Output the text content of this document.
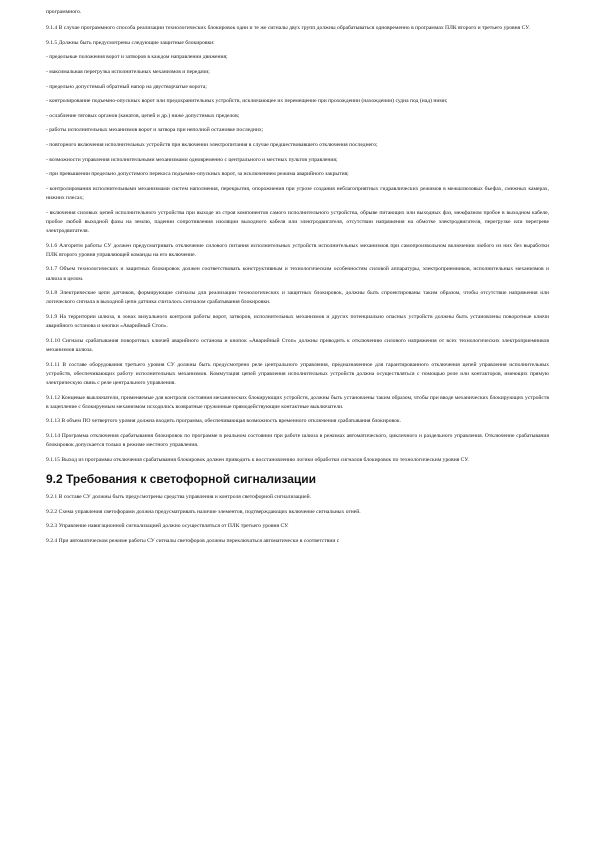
программного.

9.1.4 В случае программного способа реализации технологических блокировок одни и те же сигналы двух групп должны обрабатываться одновременно в программах ПЛК второго и третьего уровня СУ.

9.1.5 Должны быть предусмотрены следующие защитные блокировки:

- предельные положения ворот и затворов в каждом направлении движения;

- максимальная перегрузка исполнительных механизмов и передачи;

- предельно допустимый обратный напор на двустворчатые ворота;

- контролирование подъемно-опускных ворот или предохранительных устройств, исключающее их перемещение при прохождении (нахождении) судна под (над) ними;

- ослабление тяговых органов (канатов, цепей и др.) ниже допустимых пределов;

- работы исполнительных механизмов ворот и затвора при неполной остановке последних;

- повторного включения исполнительных устройств при включении электропитания в случае предшествовавшего отключения последнего;

- возможности управления исполнительными механизмами одновременно с центрального и местных пультов управления;

- при превышении предельно допустимого перекоса подъемно-опускных ворот, за исключением режима аварийного закрытия;

- контролирования исполнительными механизмами систем наполнения, перекрытия, опорожнения при угрозе создания неблагоприятных гидравлических режимов в межшлюзовых бьефах, смежных камерах, нижних плесах;

- включения силовых цепей исполнительного устройства при выходе из строя компонентов самого исполнительного устройства, обрыве питающих или выходных фаз, межфазном пробое в выходном кабеле, пробое любой выходной фазы на землю, падении сопротивления изоляции выходного кабеля или электродвигателя, отсутствии напряжения на обмотке электродвигателя, перегрузке или перегреве электродвигателя.

9.1.6 Алгоритм работы СУ должен предусматривать отключение силового питания исполнительных устройств исполнительных механизмов при самопроизвольном включении любого из них без выработки ПЛК второго уровня управляющей команды на его включение.

9.1.7 Объем технологических и защитных блокировок должен соответствовать конструктивным и технологическим особенностям силовой аппаратуры, электроприемников, исполнительных механизмов и шлюза в целом.

9.1.8 Электрические цепи датчиков, формирующие сигналы для реализации технологических и защитных блокировок, должны быть спроектированы таким образом, чтобы отсутствие напряжения или логического сигнала в выходной цепи датчика считалось сигналом срабатывания блокировки.

9.1.9 На территории шлюза, в зонах визуального контроля работы ворот, затворов, исполнительных механизмов и других потенциально опасных устройств должны быть установлены поворотные ключи аварийного останова и кнопки «Аварийный Стоп».

9.1.10 Сигналы срабатывания поворотных ключей аварийного останова и кнопок «Аварийный Стоп» должны приводить к отключению силового напряжения от всех технологических электроприемников механизмов шлюза.

9.1.11 В составе оборудования третьего уровня СУ должны быть предусмотрено реле центрального управления, предназначенное для гарантированного отключения цепей управления исполнительных устройств, обеспечивающих работу исполнительных механизмов. Коммутация цепей управления исполнительных устройств должна осуществляться с помощью реле или контакторов, имеющих прямую электрическую связь с реле центрального управления.

9.1.12 Концевые выключатели, применяемые для контроля состояния механических блокирующих устройств, должны быть установлены таким образом, чтобы при вводе механических блокирующих устройств в зацепление с блокируемым механизмом исходились возвратные пружинные прямодействующие контактные выключатели.

9.1.13 В объем ПО четвертого уровня должна входить программа, обеспечивающая возможность временного отключения срабатывания блокировок.

9.1.14 Программа отключения срабатывания блокировок по программе в реальном состоянии при работе шлюза в режимах автоматического, цикличного и раздельного управления. Отключение срабатывания блокировок допускается только в режиме местного управления.

9.1.15 Выход из программы отключения срабатывания блокировок должен приводить к восстановлению логики обработки сигналов блокировок по технологическим уровня СУ.

9.2 Требования к светофорной сигнализации

9.2.1 В составе СУ должны быть предусмотрены средства управления и контроля светофорной сигнализацией.

9.2.2 Схема управления светофорами должна предусматривать наличие элементов, подтверждающих включение сигнальных огней.

9.2.3 Управление навигационной сигнализацией должно осуществляться от ПЛК третьего уровня СУ.

9.2.4 При автоматическом режиме работы СУ сигналы светофоров должны переключаться автоматически в соответствии с
